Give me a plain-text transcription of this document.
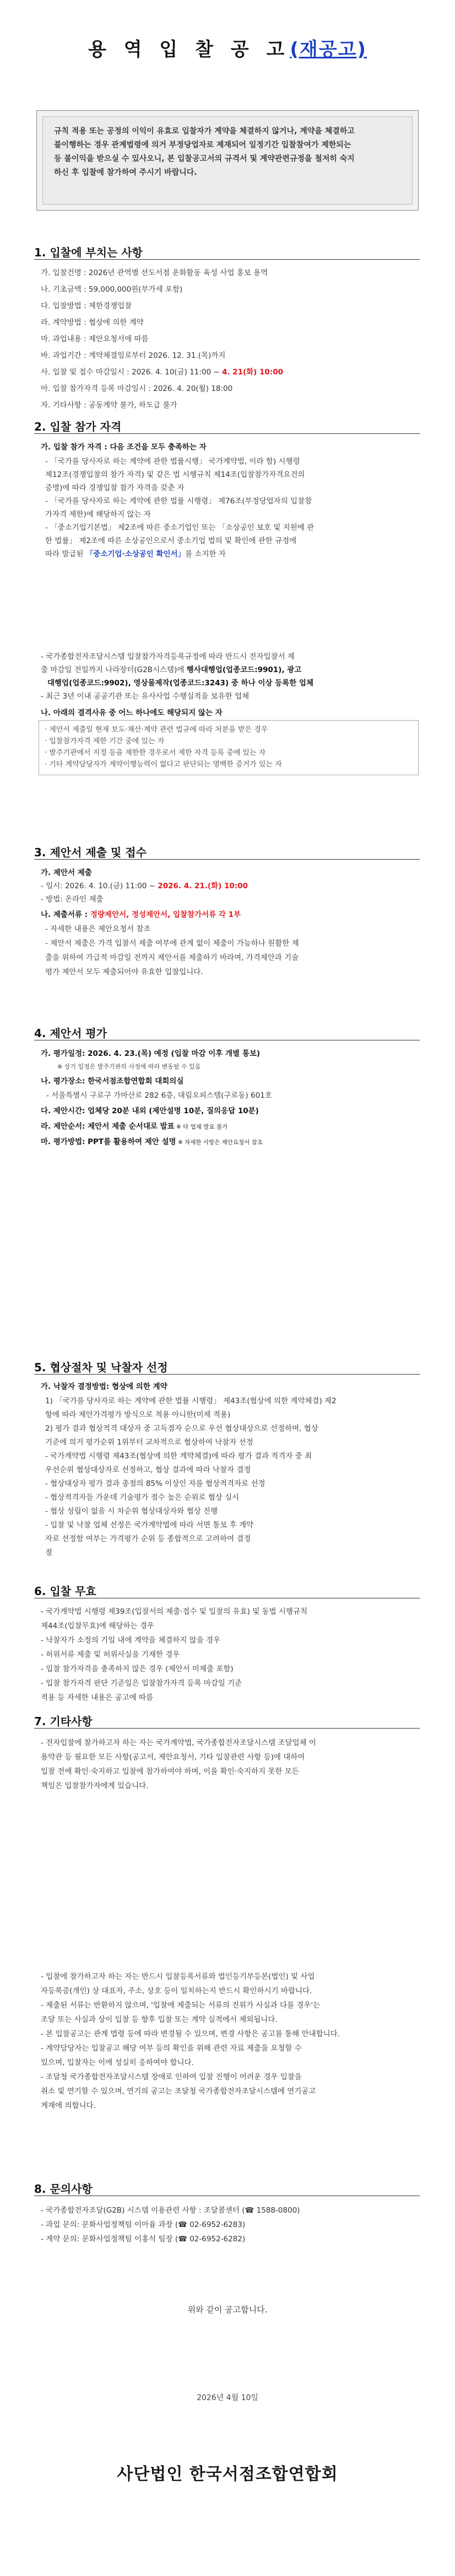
용 역 입 찰 공 고(재공고)
규칙 적용 또는 공정의 이익이 유효로 입찰자가 계약을 체결하지 않거나, 계약을 체결하고
불이행하는 경우 관계법령에 의거 부정당업자로 제재되어 일정기간 입찰참여가 제한되는
등 불이익을 받으실 수 있사오니, 본 입찰공고서의 규격서 및 계약관련규정을 철저히 숙지
하신 후 입찰에 참가하여 주시기 바랍니다.
1. 입찰에 부치는 사항
가. 입찰건명 : 2026년 관역별 선도서점 운화활동 육성 사업 홍보 용역
나. 기초금액 : 59,000,000원(부가세 포함)
다. 입찰방법 : 제한경쟁입찰
라. 계약방법 : 협상에 의한 계약
마. 과업내용 : 제안요청서에 따름
바. 과업기간 : 계약체결일로부터 2026. 12. 31.(목)까지
사. 입찰 및 접수 마감일시 : 2026. 4. 10(금) 11:00 ~ 4. 21(화) 10:00
아. 입찰 참가자격 등록 마감일시 : 2026. 4. 20(월) 18:00
자. 기타사항 : 공동계약 불가, 하도급 불가
2. 입찰 참가 자격
가. 입찰 참가 자격 : 다음 조건을 모두 충족하는 자
- 「국가를 당사자로 하는 계약에 관한 법률시행」 국가계약법, 이라 함) 시행령
제12조(경쟁입찰의 참가 자격) 및 같은 법 시행규칙 제14조(입찰참가자격요건의
증명)에 따라 경쟁입찰 참가 자격을 갖춘 자
- 「국가를 당사자로 하는 계약에 관한 법률 시행령」 제76조(부정당업자의 입찰참
가자격 제한)에 해당하지 않는 자
- 「중소기업기본법」 제2조에 따른 중소기업인 또는 「소상공인 보호 및 지원에 관
한 법률」 제2조에 따른 소상공인으로서 중소기업 법의 및 확인에 관한 규정에
따라 발급된 「중소기업·소상공인 확인서」를 소지한 자
- 국가종합전자조달시스템 입찰참가자격등록규정에 따라 반드시 전자입찰서 제
출 마감일 전일까지 나라장터(G2B시스템)에 행사대행업(업종코드:9901), 광고
대행업(업종코드:9902), 영상물제작(업종코드:3243) 중 하나 이상 등록한 업체
- 최근 3년 이내 공공기관 또는 유사사업 수행실적을 보유한 업체
나. 아래의 결격사유 중 어느 하나에도 해당되지 않는 자
· 제안서 제출일 현재 보도·채산·계약 관련 법규에 따라 처분을 받은 경우
· 입찰참가자격 제한 기간 중에 있는 자
· 발주기관에서 지정 등을 제한한 경우로서 제한 자격 등록 중에 있는 자
· 기타 계약담당자가 계약이행능력이 없다고 판단되는 명백한 증거가 있는 자
3. 제안서 제출 및 접수
가. 제안서 제출
- 일시: 2026. 4. 10.(금) 11:00 ~ 2026. 4. 21.(화) 10:00
- 방법: 온라인 제출
나. 제출서류 : 정량제안서, 정성제안서, 입찰참가서류 각 1부
- 자세한 내용은 제안요청서 참조
- 제안서 제출은 가격 입찰서 제출 여부에 관계 없이 제출이 가능하나 원활한 제
출을 위하여 가급적 마감일 전까지 제안서를 제출하기 바라며, 가격제안과 기술
평가 제안서 모두 제출되어야 유효한 입찰입니다.
4. 제안서 평가
가. 평가일정: 2026. 4. 23.(목) 예정 (입찰 마감 이후 개별 통보)
※ 상기 일정은 발주기관의 사정에 따라 변동될 수 있음
나. 평가장소: 한국서점조합연합회 대회의실
- 서울특별시 구로구 가마산로 282 6층, 대림오피스텔(구로동) 601호
다. 제안시간: 업체당 20분 내외 (제안설명 10분, 질의응답 10분)
라. 제안순서: 제안서 제출 순서대로 발표 ※ 타 업체 발표 불가
마. 평가방법: PPT를 활용하여 제안 설명 ※ 자세한 사항은 제안요청서 참조
5. 협상절차 및 낙찰자 선정
가. 낙찰자 결정방법: 협상에 의한 계약
1) 「국가를 당사자로 하는 계약에 관한 법률 시행령」 제43조(협상에 의한 계약체결) 제2
항에 따라 제안가격평가 방식으로 적용 아니한(미제 적용)
2) 평가 결과 협상적격 대상자 중 고득점자 순으로 우선 협상대상으로 선정하며, 협상
기준에 의거 평가순위 1위부터 교차적으로 협상하여 낙찰자 선정
- 국가계약법 시행령 제43조(협상에 의한 계약체결)에 따라 평가 결과 적격자 중 최
우선순위 협상대상자로 선정하고, 협상 결과에 따라 낙찰자 결정
- 협상대상자 평가 결과 총점의 85% 이상인 자를 협상적격자로 선정
- 협상적격자들 가운데 기술평가 점수 높은 순위로 협상 실시
- 협상 성립이 없을 시 차순위 협상대상자와 협상 진행
- 입찰 및 낙찰 업체 선정은 국가계약법에 따라 서면 통보 후 계약
자로 선정함 여부는 가격평가 순위 등 종합적으로 고려하여 결정
절
6. 입찰 무효
- 국가계약법 시행령 제39조(입찰서의 제출·접수 및 입찰의 유효) 및 동법 시행규칙
제44조(입찰무효)에 해당하는 경우
- 낙찰자가 소정의 기일 내에 계약을 체결하지 않을 경우
- 허위서류 제출 및 허위사실을 기재한 경우
- 입찰 참가자격을 충족하지 않은 경우 (제안서 미제출 포함)
- 입찰 참가자격 판단 기준일은 입찰참가자격 등록 마감일 기준
적용 등 자세한 내용은 공고에 따름
7. 기타사항
- 전자입찰에 참가하고자 하는 자는 국가계약법, 국가종합전자조달시스템 조달업체 이
용약관 등 필요한 모든 사항(공고서, 제안요청서, 기타 입찰관련 사항 등)에 대하여
입찰 전에 확인·숙지하고 입찰에 참가하여야 하며, 이를 확인·숙지하지 못한 모든
책임은 입찰참가자에게 있습니다.
- 입찰에 참가하고자 하는 자는 반드시 입찰등록서류와 법인등기부등본(법인) 및 사업
자등록증(개인) 상 대표자, 주소, 상호 등이 일치하는지 반드시 확인하시기 바랍니다.
- 제출된 서류는 반환하지 않으며, '입찰에 제출되는 서류의 진위가 사실과 다를 경우'는
조달 또는 사실과 상이 입찰 등 향후 입찰 또는 계약 실적에서 제외됩니다.
- 본 입찰공고는 관계 법령 등에 따라 변경될 수 있으며, 변경 사항은 공고를 통해 안내합니다.
- 계약담당자는 입찰공고 해당 여부 등의 확인을 위해 관련 자료 제출을 요청할 수
있으며, 입찰자는 이에 성실히 응하여야 합니다.
- 조달청 국가종합전자조달시스템 장애로 인하여 입찰 진행이 어려운 경우 입찰을
취소 및 연기할 수 있으며, 연기의 공고는 조달청 국가종합전자조달시스템에 연기공고
게재에 의합니다.
8. 문의사항
- 국가종합전자조달(G2B) 시스템 이용관련 사항 : 조달콜센터 (☎ 1588-0800)
- 과업 문의: 문화사업정책팀 이아윰 과장 (☎ 02-6952-6283)
- 계약 문의: 문화사업정책팀 이홍석 팀장 (☎ 02-6952-6282)
위와 같이 공고합니다.
2026년 4월 10일
사단법인 한국서점조합연합회
